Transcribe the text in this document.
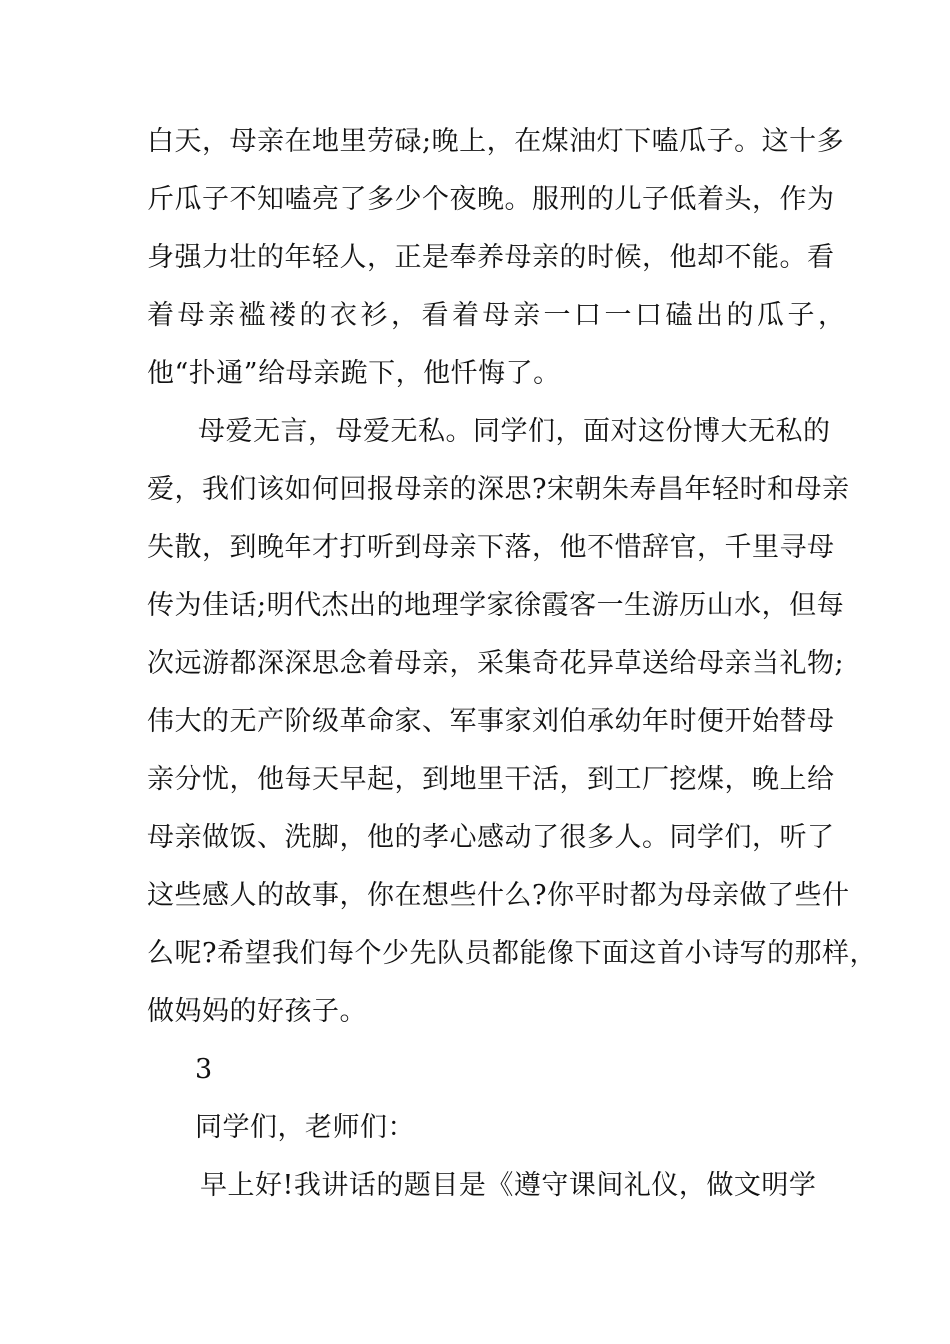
白天，母亲在地里劳碌;晚上，在煤油灯下嗑瓜子。这十多
斤瓜子不知嗑亮了多少个夜晚。服刑的儿子低着头，作为
身强力壮的年轻人，正是奉养母亲的时候，他却不能。看
着母亲褴褛的衣衫，看着母亲一口一口磕出的瓜子，
他“扑通”给母亲跪下，他忏悔了。
母爱无言，母爱无私。同学们，面对这份博大无私的
爱，我们该如何回报母亲的深思?宋朝朱寿昌年轻时和母亲
失散，到晚年才打听到母亲下落，他不惜辞官，千里寻母
传为佳话;明代杰出的地理学家徐霞客一生游历山水，但每
次远游都深深思念着母亲，采集奇花异草送给母亲当礼物;
伟大的无产阶级革命家、军事家刘伯承幼年时便开始替母
亲分忧，他每天早起，到地里干活，到工厂挖煤，晚上给
母亲做饭、洗脚，他的孝心感动了很多人。同学们，听了
这些感人的故事，你在想些什么?你平时都为母亲做了些什
么呢?希望我们每个少先队员都能像下面这首小诗写的那样，
做妈妈的好孩子。
3
同学们，老师们：
早上好!我讲话的题目是《遵守课间礼仪，做文明学
